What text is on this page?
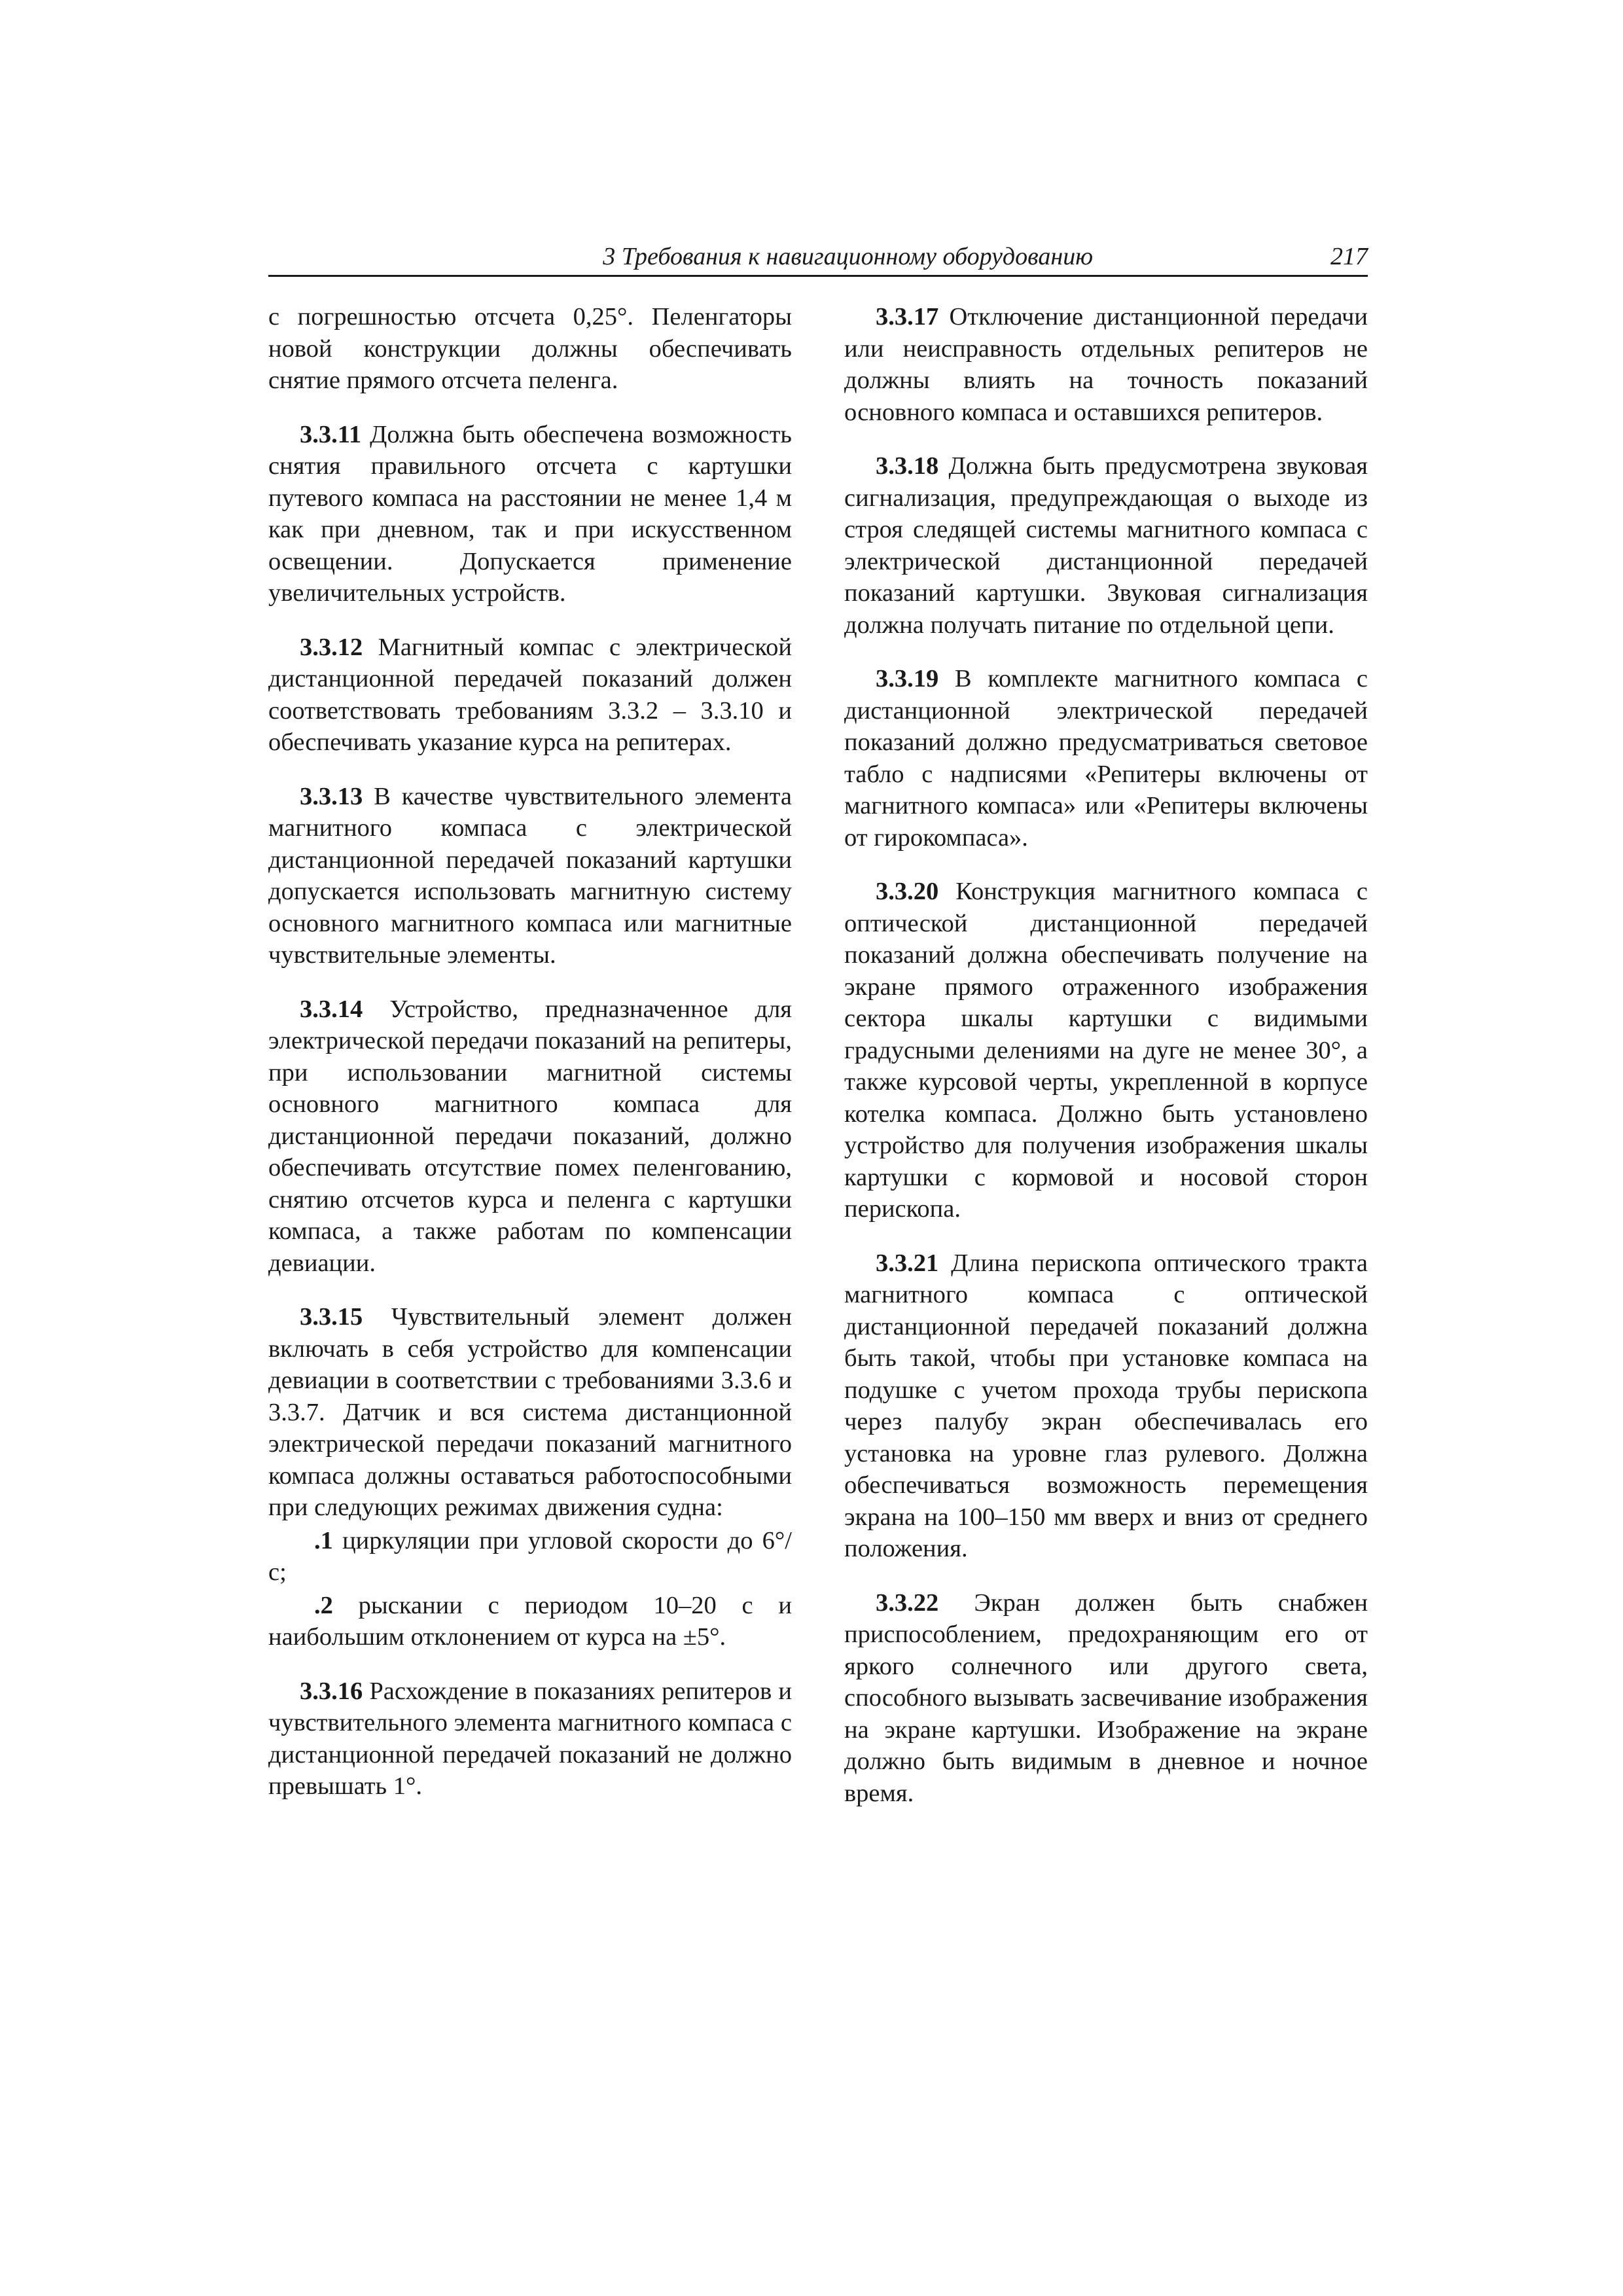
3 Требования к навигационному оборудованию	217

с погрешностью отсчета 0,25°. Пеленгаторы новой конструкции должны обеспечивать снятие прямого отсчета пеленга.

3.3.11 Должна быть обеспечена возможность снятия правильного отсчета с картушки путевого компаса на расстоянии не менее 1,4 м как при дневном, так и при искусственном освещении. Допускается применение увеличительных устройств.

3.3.12 Магнитный компас с электрической дистанционной передачей показаний должен соответствовать требованиям 3.3.2 – 3.3.10 и обеспечивать указание курса на репитерах.

3.3.13 В качестве чувствительного элемента магнитного компаса с электрической дистанционной передачей показаний картушки допускается использовать магнитную систему основного магнитного компаса или магнитные чувствительные элементы.

3.3.14 Устройство, предназначенное для электрической передачи показаний на репитеры, при использовании магнитной системы основного магнитного компаса для дистанционной передачи показаний, должно обеспечивать отсутствие помех пеленгованию, снятию отсчетов курса и пеленга с картушки компаса, а также работам по компенсации девиации.

3.3.15 Чувствительный элемент должен включать в себя устройство для компенсации девиации в соответствии с требованиями 3.3.6 и 3.3.7. Датчик и вся система дистанционной электрической передачи показаний магнитного компаса должны оставаться работоспособными при следующих режимах движения судна:

.1 циркуляции при угловой скорости до 6°/с;

.2 рыскании с периодом 10–20 с и наибольшим отклонением от курса на ±5°.

3.3.16 Расхождение в показаниях репитеров и чувствительного элемента магнитного компаса с дистанционной передачей показаний не должно превышать 1°.

3.3.17 Отключение дистанционной передачи или неисправность отдельных репитеров не должны влиять на точность показаний основного компаса и оставшихся репитеров.

3.3.18 Должна быть предусмотрена звуковая сигнализация, предупреждающая о выходе из строя следящей системы магнитного компаса с электрической дистанционной передачей показаний картушки. Звуковая сигнализация должна получать питание по отдельной цепи.

3.3.19 В комплекте магнитного компаса с дистанционной электрической передачей показаний должно предусматриваться световое табло с надписями «Репитеры включены от магнитного компаса» или «Репитеры включены от гирокомпаса».

3.3.20 Конструкция магнитного компаса с оптической дистанционной передачей показаний должна обеспечивать получение на экране прямого отраженного изображения сектора шкалы картушки с видимыми градусными делениями на дуге не менее 30°, а также курсовой черты, укрепленной в корпусе котелка компаса. Должно быть установлено устройство для получения изображения шкалы картушки с кормовой и носовой сторон перископа.

3.3.21 Длина перископа оптического тракта магнитного компаса с оптической дистанционной передачей показаний должна быть такой, чтобы при установке компаса на подушке с учетом прохода трубы перископа через палубу экран обеспечивалась его установка на уровне глаз рулевого. Должна обеспечиваться возможность перемещения экрана на 100–150 мм вверх и вниз от среднего положения.

3.3.22 Экран должен быть снабжен приспособлением, предохраняющим его от яркого солнечного или другого света, способного вызывать засвечивание изображения на экране картушки. Изображение на экране должно быть видимым в дневное и ночное время.
